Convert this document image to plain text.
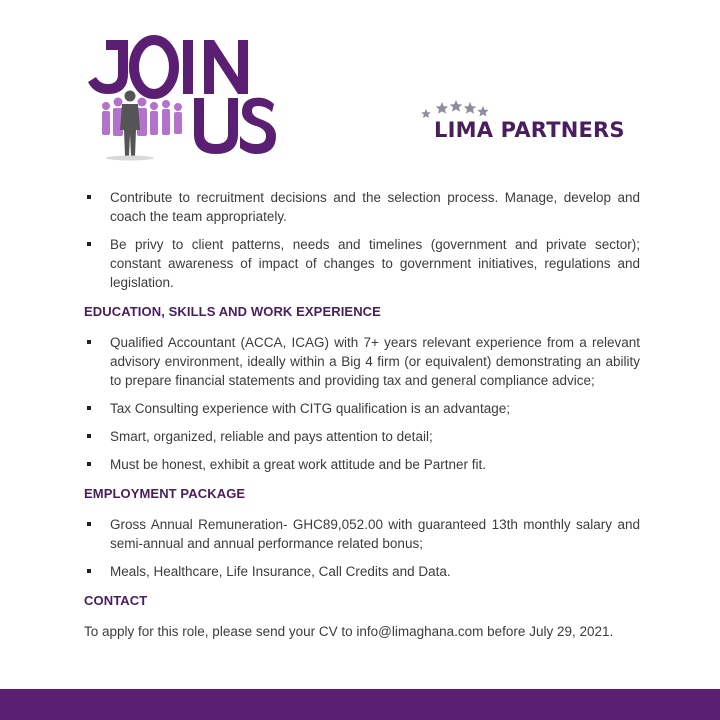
LIMA PARTNERS
Contribute to recruitment decisions and the selection process. Manage, develop and coach the team appropriately.
Be privy to client patterns, needs and timelines (government and private sector); constant awareness of impact of changes to government initiatives, regulations and legislation.
EDUCATION, SKILLS AND WORK EXPERIENCE
Qualified Accountant (ACCA, ICAG) with 7+ years relevant experience from a relevant advisory environment, ideally within a Big 4 firm (or equivalent) demonstrating an ability to prepare financial statements and providing tax and general compliance advice;
Tax Consulting experience with CITG qualification is an advantage;
Smart, organized, reliable and pays attention to detail;
Must be honest, exhibit a great work attitude and be Partner fit.
EMPLOYMENT PACKAGE
Gross Annual Remuneration- GHC89,052.00 with guaranteed 13th monthly salary and semi-annual and annual performance related bonus;
Meals, Healthcare, Life Insurance, Call Credits and Data.
CONTACT

To apply for this role, please send your CV to info@limaghana.com before July 29, 2021.
